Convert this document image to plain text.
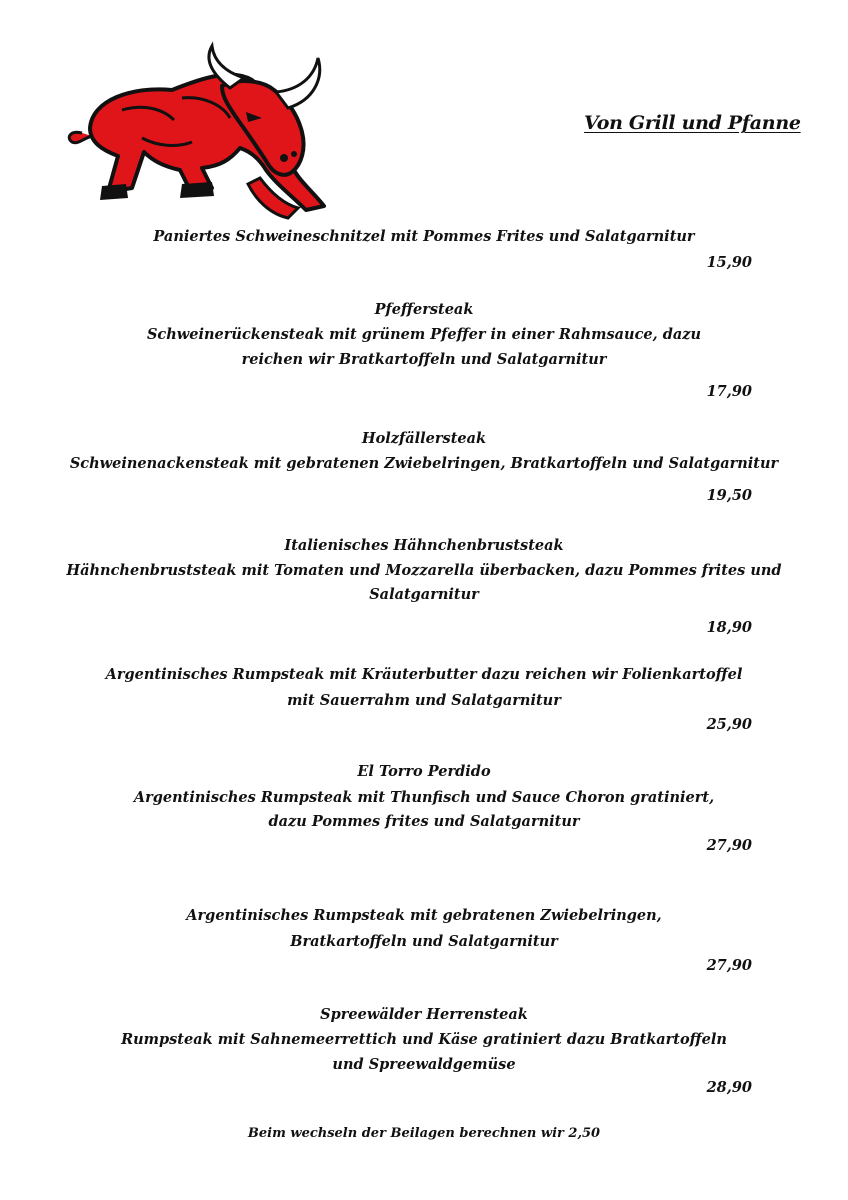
Von Grill und Pfanne
Paniertes Schweineschnitzel mit Pommes Frites und Salatgarnitur
15,90
Pfeffersteak
Schweinerückensteak mit grünem Pfeffer in einer Rahmsauce, dazu
reichen wir Bratkartoffeln und Salatgarnitur
17,90
Holzfällersteak
Schweinenackensteak mit gebratenen Zwiebelringen, Bratkartoffeln und Salatgarnitur
19,50
Italienisches Hähnchenbruststeak
Hähnchenbruststeak mit Tomaten und Mozzarella überbacken, dazu Pommes frites und
Salatgarnitur
18,90
Argentinisches Rumpsteak mit Kräuterbutter dazu reichen wir Folienkartoffel
mit Sauerrahm und Salatgarnitur
25,90
El Torro Perdido
Argentinisches Rumpsteak mit Thunfisch und Sauce Choron gratiniert,
dazu Pommes frites und Salatgarnitur
27,90
Argentinisches Rumpsteak mit gebratenen Zwiebelringen,
Bratkartoffeln und Salatgarnitur
27,90
Spreewälder Herrensteak
Rumpsteak mit Sahnemeerrettich und Käse gratiniert dazu Bratkartoffeln
und Spreewaldgemüse
28,90
Beim wechseln der Beilagen berechnen wir 2,50
